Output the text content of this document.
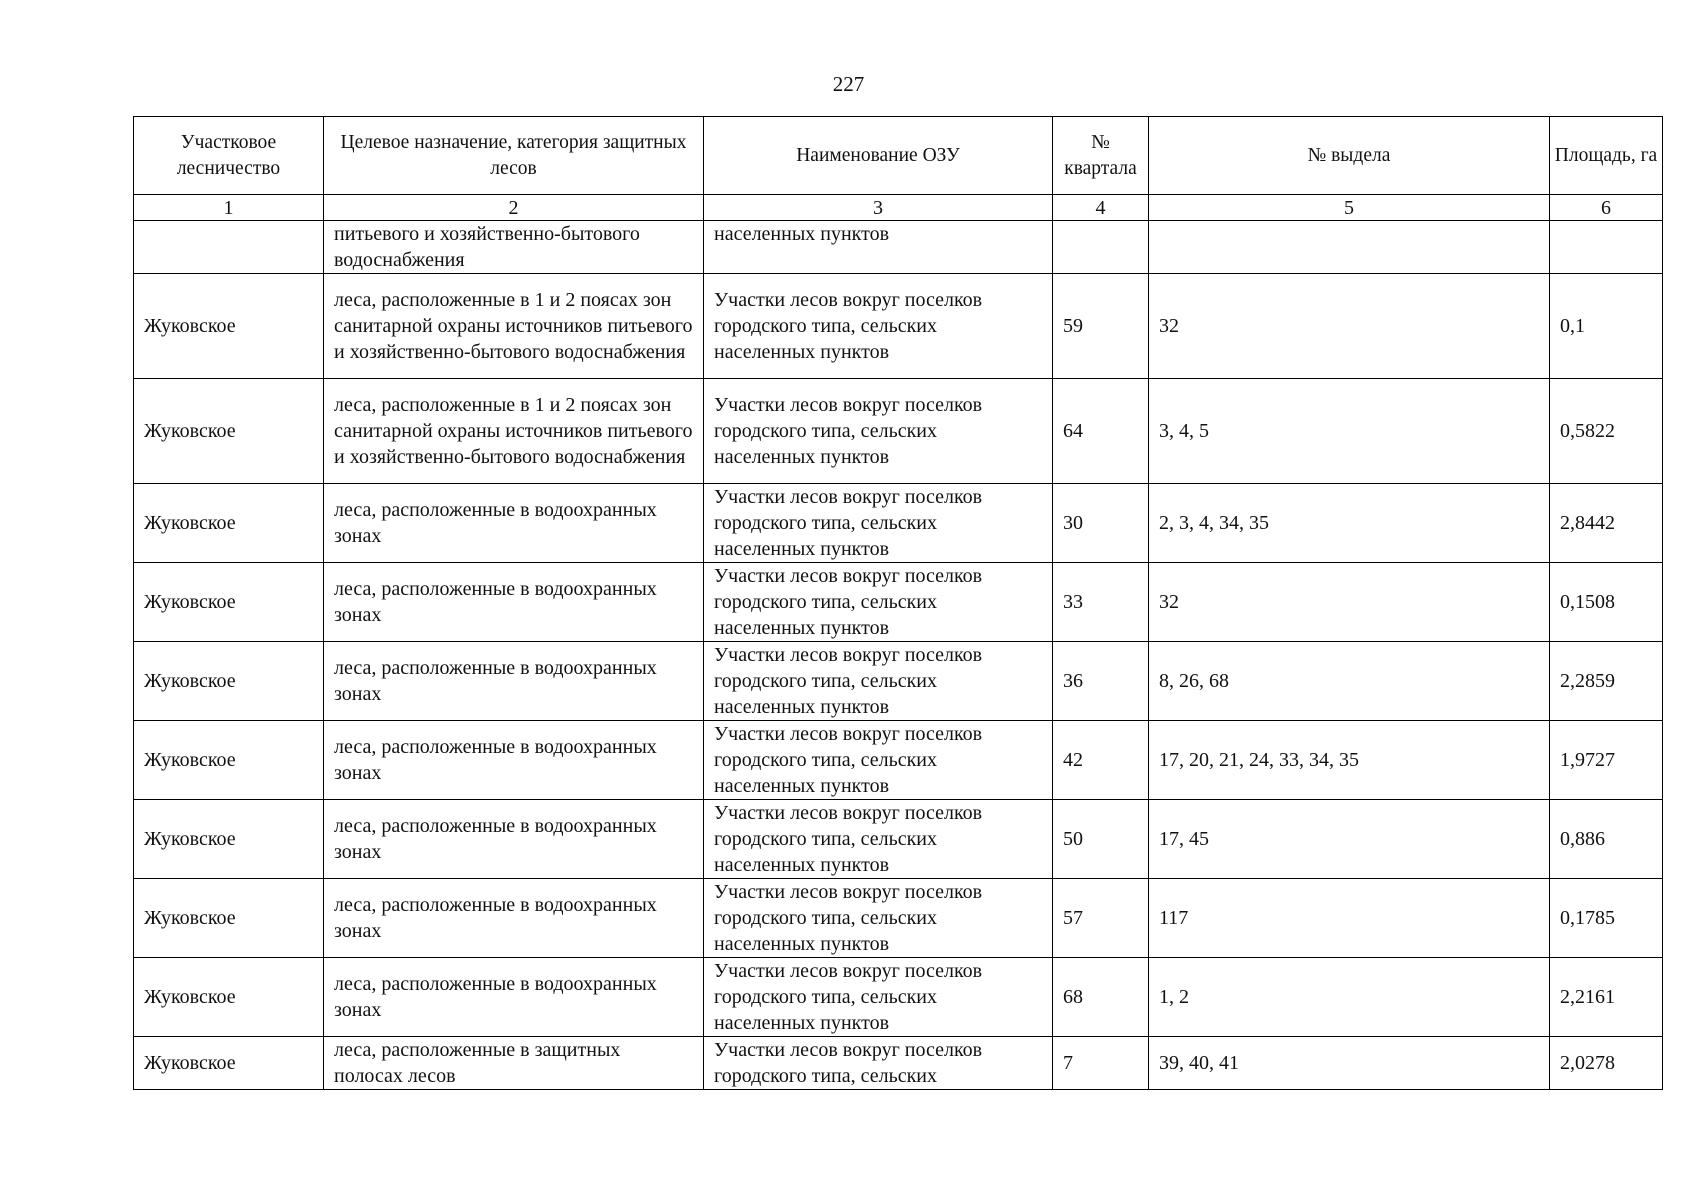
227
Участковое лесничество	Целевое назначение, категория защитных лесов	Наименование ОЗУ	№ квартала	№ выдела	Площадь, га
1	2	3	4	5	6
	питьевого и хозяйственно-бытового водоснабжения	населенных пунктов			
Жуковское	леса, расположенные в 1 и 2 поясах зон санитарной охраны источников питьевого и хозяйственно-бытового водоснабжения	Участки лесов вокруг поселков городского типа, сельских населенных пунктов	59	32	0,1
Жуковское	леса, расположенные в 1 и 2 поясах зон санитарной охраны источников питьевого и хозяйственно-бытового водоснабжения	Участки лесов вокруг поселков городского типа, сельских населенных пунктов	64	3, 4, 5	0,5822
Жуковское	леса, расположенные в водоохранных зонах	Участки лесов вокруг поселков городского типа, сельских населенных пунктов	30	2, 3, 4, 34, 35	2,8442
Жуковское	леса, расположенные в водоохранных зонах	Участки лесов вокруг поселков городского типа, сельских населенных пунктов	33	32	0,1508
Жуковское	леса, расположенные в водоохранных зонах	Участки лесов вокруг поселков городского типа, сельских населенных пунктов	36	8, 26, 68	2,2859
Жуковское	леса, расположенные в водоохранных зонах	Участки лесов вокруг поселков городского типа, сельских населенных пунктов	42	17, 20, 21, 24, 33, 34, 35	1,9727
Жуковское	леса, расположенные в водоохранных зонах	Участки лесов вокруг поселков городского типа, сельских населенных пунктов	50	17, 45	0,886
Жуковское	леса, расположенные в водоохранных зонах	Участки лесов вокруг поселков городского типа, сельских населенных пунктов	57	117	0,1785
Жуковское	леса, расположенные в водоохранных зонах	Участки лесов вокруг поселков городского типа, сельских населенных пунктов	68	1, 2	2,2161
Жуковское	леса, расположенные в защитных полосах лесов	Участки лесов вокруг поселков городского типа, сельских	7	39, 40, 41	2,0278
